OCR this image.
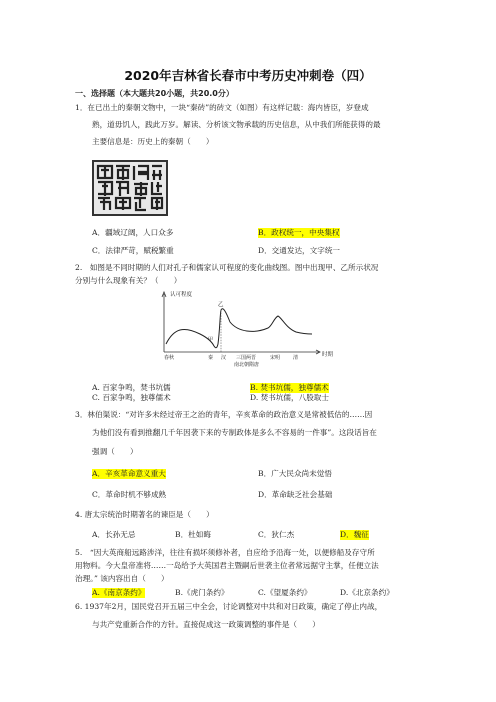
2020年吉林省长春市中考历史冲刺卷（四）
一、选择题（本大题共20小题，共20.0分）
1．在已出土的秦朝文物中，一块“秦砖”的砖文（如图）有这样记载：海内皆臣，岁登成
熟，道毋饥人，践此万岁。解读、分析该文物承载的历史信息，从中我们所能获得的最
主要信息是：历史上的秦朝（　　）
A．疆域辽阔，人口众多	B．政权统一，中央集权
C．法律严苛，赋税繁重	D．交通发达，文字统一
2.　如图是不同时期的人们对孔子和儒家认可程度的变化曲线图。图中出现甲、乙所示状况
分别与什么现象有关？（　　）
认可程度
时期
乙
甲
春秋	秦 汉 三国两晋
南北朝隋唐
宋明	清
A. 百家争鸣，焚书坑儒	B. 焚书坑儒，独尊儒术
C. 百家争鸣，独尊儒术	D. 焚书坑儒，八股取士
3．林伯渠说：“对许多未经过帝王之治的青年，辛亥革命的政治意义是常被低估的……因
为他们没有看到推翻几千年因袭下来的专制政体是多么不容易的一件事”。这段话旨在
强调（　　）
A．辛亥革命意义重大	B．广大民众尚未觉悟
C．革命时机不够成熟	D．革命缺乏社会基础
4. 唐太宗统治时期著名的谏臣是（　　）
A．长孙无忌	B．杜如晦	C．狄仁杰	D．魏征
5.　“因大英商船远路涉洋，往往有损坏须修补者，自应给予沿海一处，以便修船及存守所
用物料。今大皇帝准将……一岛给予大英国君主暨嗣后世袭主位者常远据守主掌，任便立法
治理。” 该内容出自（　　）
A.《南京条约》	B.《虎门条约》	C.《望厦条约》	D.《北京条约》
6. 1937年2月，国民党召开五届三中全会，讨论调整对中共和对日政策，确定了停止内战，
与共产党重新合作的方针。直接促成这一政策调整的事件是（　　）
